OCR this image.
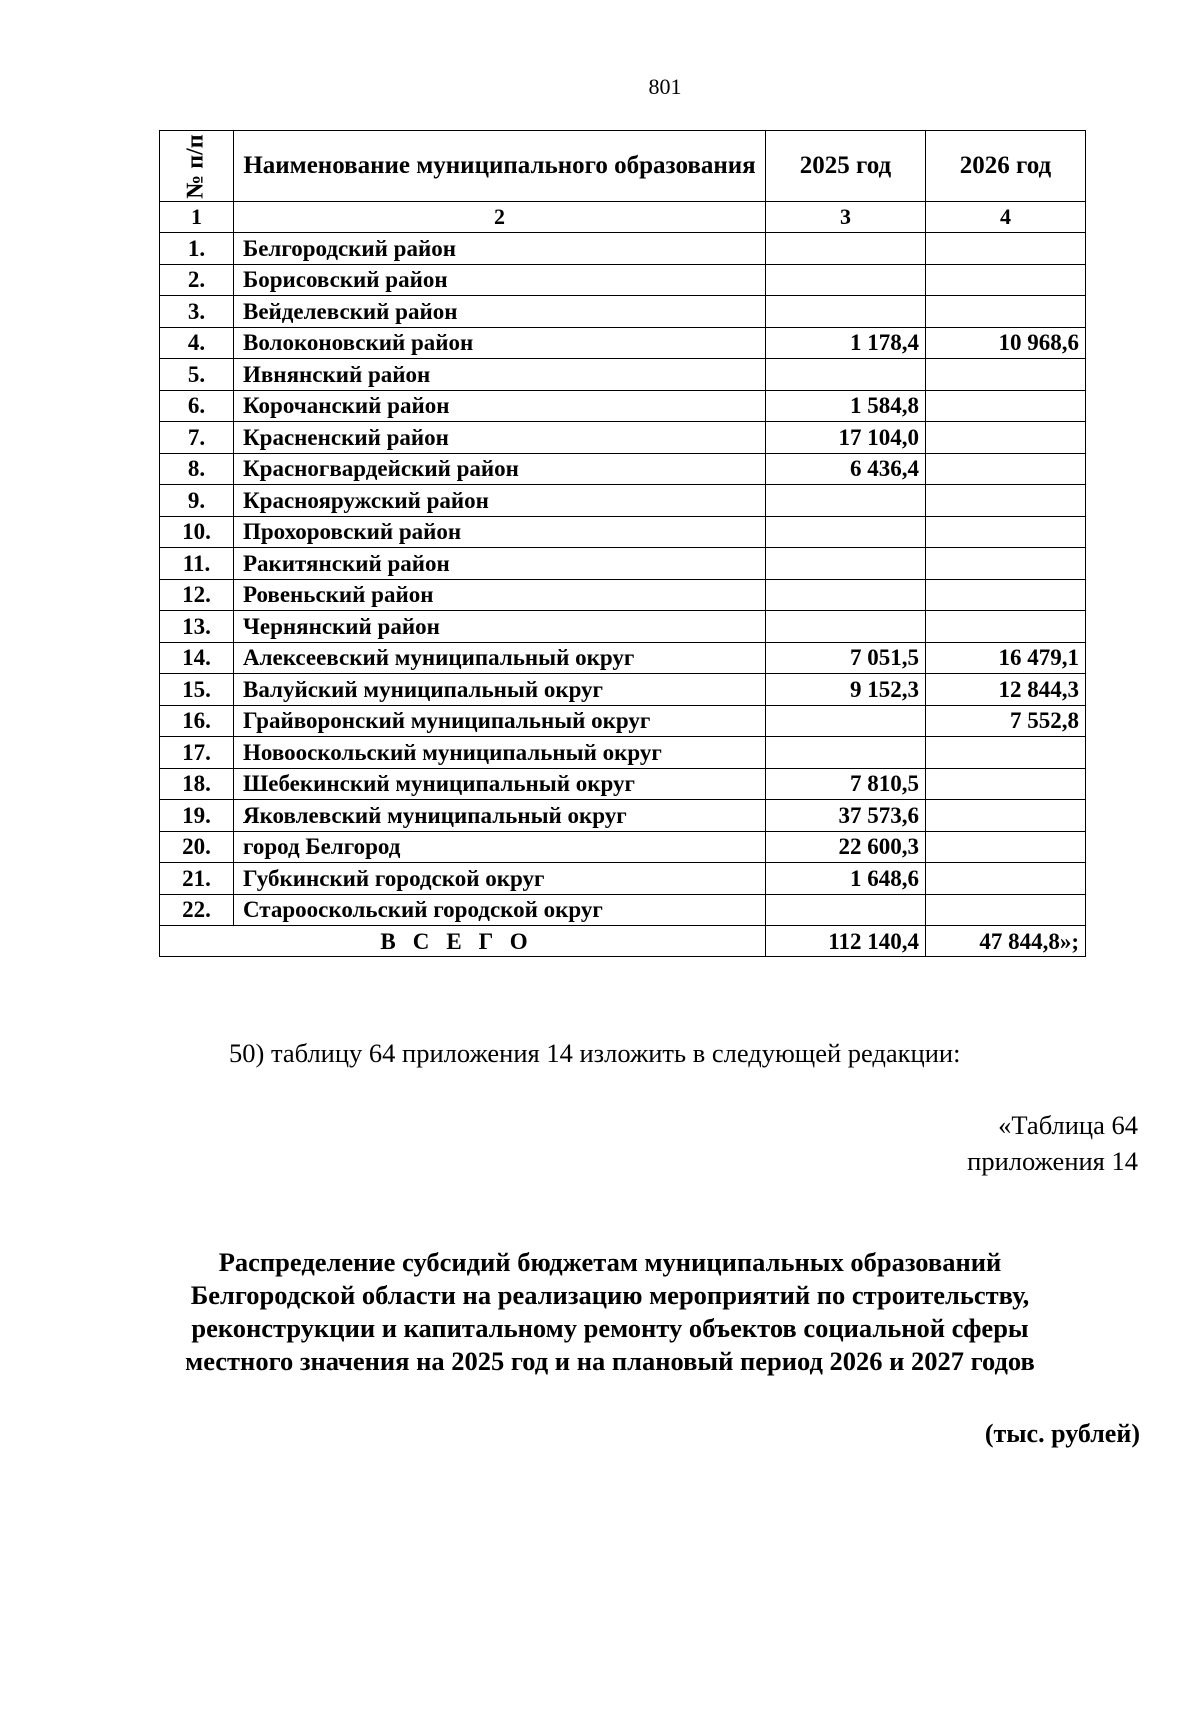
801
№ п/п	Наименование муниципального образования	2025 год	2026 год
1	2	3	4
1.	Белгородский район		
2.	Борисовский район		
3.	Вейделевский район		
4.	Волоконовский район	1 178,4	10 968,6
5.	Ивнянский район		
6.	Корочанский район	1 584,8	
7.	Красненский район	17 104,0	
8.	Красногвардейский район	6 436,4	
9.	Краснояружский район		
10.	Прохоровский район		
11.	Ракитянский район		
12.	Ровеньский район		
13.	Чернянский район		
14.	Алексеевский муниципальный округ	7 051,5	16 479,1
15.	Валуйский муниципальный округ	9 152,3	12 844,3
16.	Грайворонский муниципальный округ		7 552,8
17.	Новооскольский муниципальный округ		
18.	Шебекинский муниципальный округ	7 810,5	
19.	Яковлевский муниципальный округ	37 573,6	
20.	город Белгород	22 600,3	
21.	Губкинский городской округ	1 648,6	
22.	Старооскольский городской округ		
ВСЕГО		112 140,4	47 844,8»;
50) таблицу 64 приложения 14 изложить в следующей редакции:
«Таблица 64
приложения 14
Распределение субсидий бюджетам муниципальных образований
Белгородской области на реализацию мероприятий по строительству,
реконструкции и капитальному ремонту объектов социальной сферы
местного значения на 2025 год и на плановый период 2026 и 2027 годов
(тыс. рублей)
